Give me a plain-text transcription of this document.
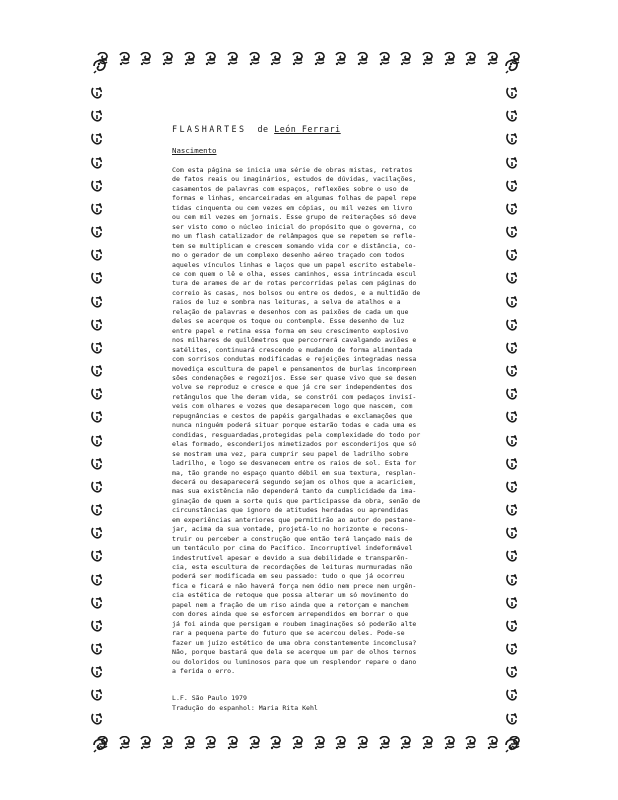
FLASHARTES de León Ferrari
Nascimento
Com esta página se inicia uma série de obras mistas, retratos
de fatos reais ou imaginários, estudos de dúvidas, vacilações,
casamentos de palavras com espaços, reflexões sobre o uso de
formas e linhas, encarceiradas em algumas folhas de papel repe
tidas cinquenta ou cem vezes em cópias, ou mil vezes em livro
ou cem mil vezes em jornais. Esse grupo de reiterações só deve
ser visto como o núcleo inicial do propósito que o governa, co
mo um flash catalizador de relâmpagos que se repetem se reflе-
tem se multiplicam e crescem somando vida cor e distância, co-
mo o gerador de um complexo desenho aéreo traçado com todos
aqueles vínculos linhas e laços que um papel escrito estabele-
ce com quem o lê e olha, esses caminhos, essa intrincada escul
tura de arames de ar de rotas percorridas pelas cem páginas do
correio às casas, nos bolsos ou entre os dedos, e a multidão de
raios de luz e sombra nas leituras, a selva de atalhos e a
relação de palavras e desenhos com as paixões de cada um que
deles se acerque os toque ou contemple. Esse desenho de luz
entre papel e retina essa forma em seu crescimento explosivo
nos milhares de quilômetros que percorrerá cavalgando aviões e
satélites, continuará crescendo e mudando de forma alimentada
com sorrisos condutas modificadas e rejeições integradas nessa
movediça escultura de papel e pensamentos de burlas incompreen
sões condenações e regozijos. Esse ser quase vivo que se desen
volve se reproduz e cresce e que já cre ser independentes dos
retângulos que lhe deram vida, se constrói com pedaços invisí-
veis com olhares e vozes que desaparecem logo que nascem, com
repugnâncias e cestos de papéis gargalhadas e exclamações que
nunca ninguém poderá situar porque estarão todas e cada uma es
condidas, resguardadas,protegidas pela complexidade do todo por
elas formado, esconderijos mimetizados por esconderijos que só
se mostram uma vez, para cumprir seu papel de ladrilho sobre
ladrilho, e logo se desvanecem entre os raios de sol. Esta for
ma, tão grande no espaço quanto débil em sua textura, resplan-
decerá ou desaparecerá segundo sejam os olhos que a acariciem,
mas sua existência não dependerá tanto da cumplicidade da ima-
ginação de quem a sorte quis que participasse da obra, senão de
circunstâncias que ignoro de atitudes herdadas ou aprendidas
em experiências anteriores que permitirão ao autor do pestane-
jar, acima da sua vontade, projetá-lo no horizonte e recons-
truir ou perceber a construção que então terá lançado mais de
um tentáculo por cima do Pacífico. Incorruptível indeformável
indestrutível apesar e devido a sua debilidade e transparên-
cia, esta escultura de recordações de leituras murmuradas não
poderá ser modificada em seu passado: tudo o que já ocorreu
fica e ficará e não haverá força nem ódio nem prece nem urgên-
cia estética de retoque que possa alterar um só movimento do
papel nem a fração de um riso ainda que a retorçam e manchem
com dores ainda que se esforcem arrependidos em borrar o que
já foi ainda que persigam e roubem imaginações só poderão alte
rar a pequena parte do futuro que se acercou deles. Pode-se
fazer um juízo estético de uma obra constantemente incomclusa?
Não, porque bastará que dela se acerque um par de olhos ternos
ou doloridos ou luminosos para que um resplendor repare o dano
a ferida o erro.
L.F. São Paulo 1979
Tradução do espanhol: Maria Rita Kehl
